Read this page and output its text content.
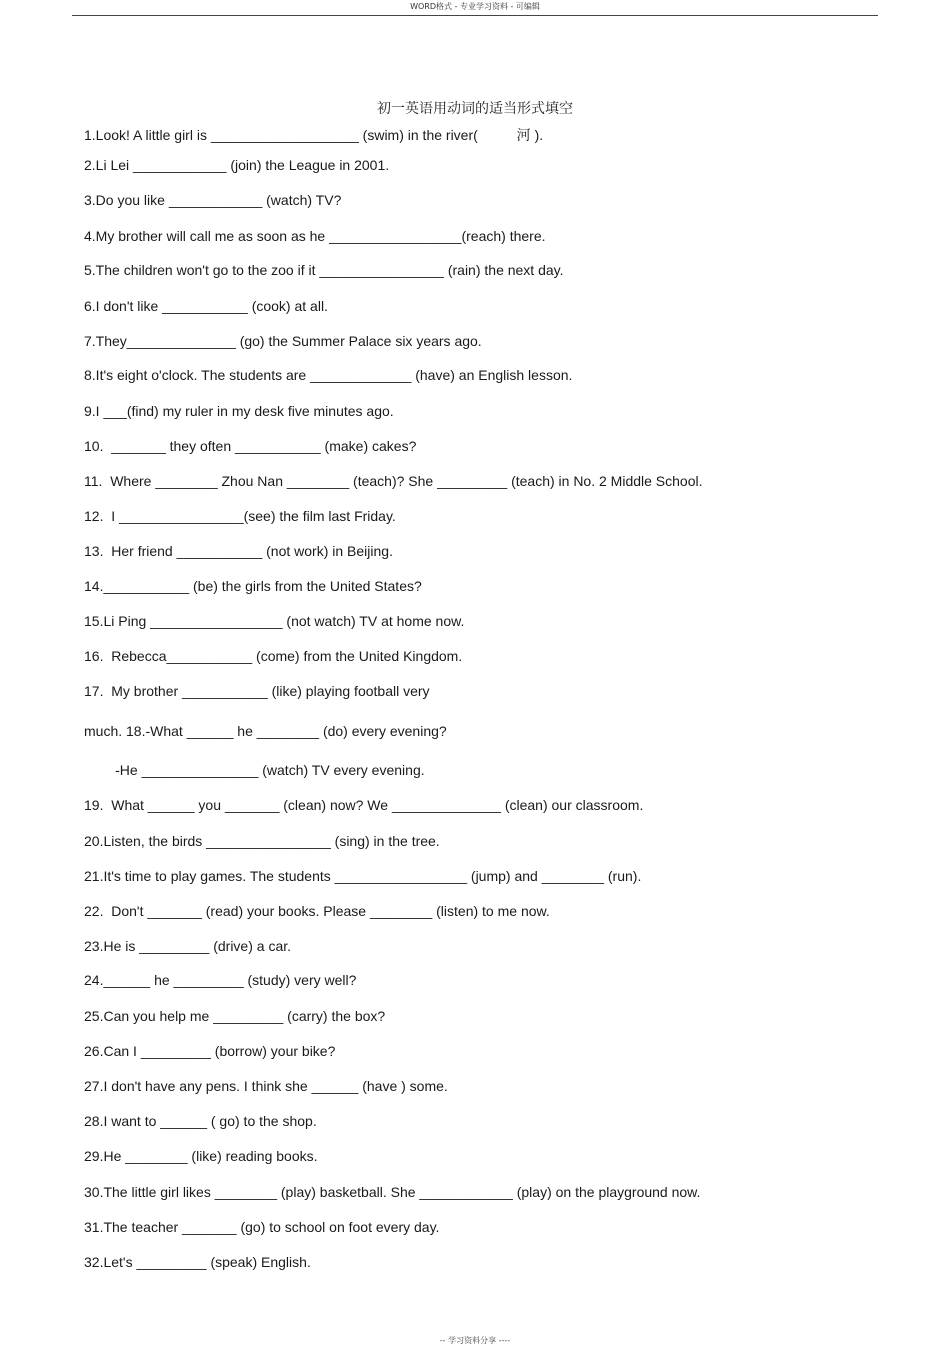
WORD格式 - 专业学习资料 - 可编辑
初一英语用动词的适当形式填空
1.Look! A little girl is ___________________ (swim) in the river(          河 ).
2.Li Lei ____________ (join) the League in 2001.
3.Do you like ____________ (watch) TV?
4.My brother will call me as soon as he _________________(reach) there.
5.The children won't go to the zoo if it ________________ (rain) the next day.
6.I don't like ___________ (cook) at all.
7.They______________ (go) the Summer Palace six years ago.
8.It's eight o'clock. The students are _____________ (have) an English lesson.
9.I ___(find) my ruler in my desk five minutes ago.
10.  _______ they often ___________ (make) cakes?
11.  Where ________ Zhou Nan ________ (teach)? She _________ (teach) in No. 2 Middle School.
12.  I ________________(see) the film last Friday.
13.  Her friend ___________ (not work) in Beijing.
14.___________ (be) the girls from the United States?
15.Li Ping _________________ (not watch) TV at home now.
16.  Rebecca___________ (come) from the United Kingdom.
17.  My brother ___________ (like) playing football very
much. 18.-What ______ he ________ (do) every evening?
-He _______________ (watch) TV every evening.
19.  What ______ you _______ (clean) now? We ______________ (clean) our classroom.
20.Listen, the birds ________________ (sing) in the tree.
21.It's time to play games. The students _________________ (jump) and ________ (run).
22.  Don't _______ (read) your books. Please ________ (listen) to me now.
23.He is _________ (drive) a car.
24.______ he _________ (study) very well?
25.Can you help me _________ (carry) the box?
26.Can I _________ (borrow) your bike?
27.I don't have any pens. I think she ______ (have ) some.
28.I want to ______ ( go) to the shop.
29.He ________ (like) reading books.
30.The little girl likes ________ (play) basketball. She ____________ (play) on the playground now.
31.The teacher _______ (go) to school on foot every day.
32.Let's _________ (speak) English.
-- 学习资料分享 ----
